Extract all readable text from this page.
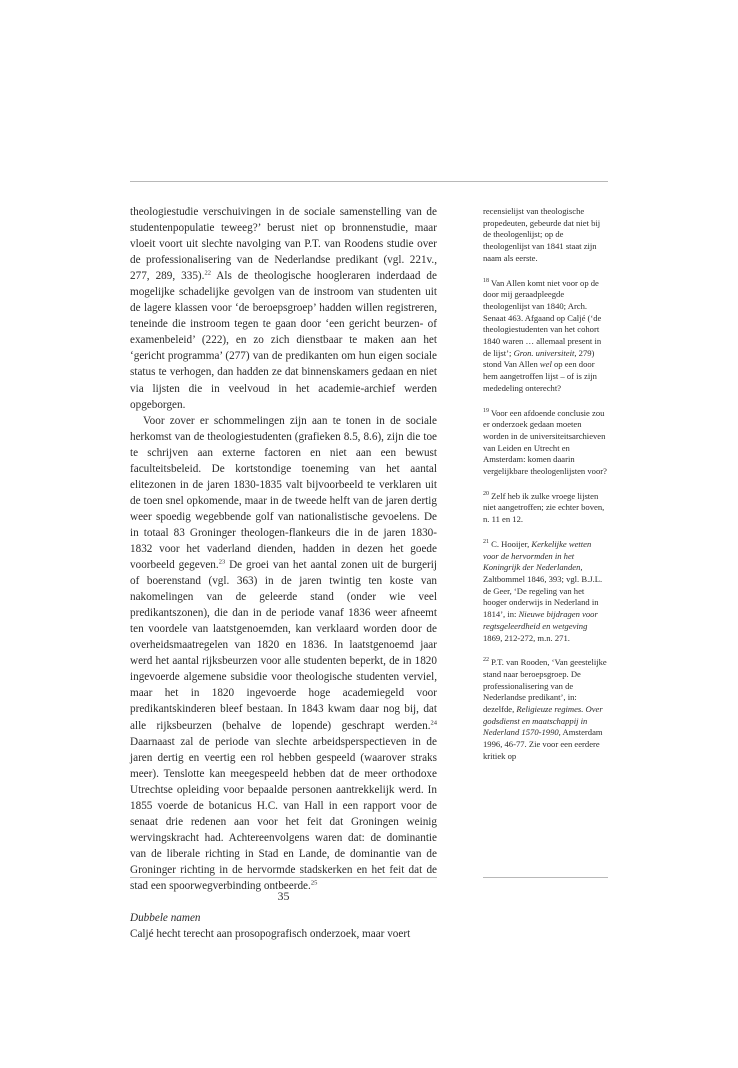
theologiestudie verschuivingen in de sociale samenstelling van de studentenpopulatie teweeg?’ berust niet op bronnenstudie, maar vloeit voort uit slechte navolging van P.T. van Roodens studie over de professionalisering van de Nederlandse predikant (vgl. 221v., 277, 289, 335).$^{22}$ Als de theologische hoogleraren inderdaad de mogelijke schadelijke gevolgen van de instroom van studenten uit de lagere klassen voor ‘de beroepsgroep’ hadden willen registreren, teneinde die instroom tegen te gaan door ‘een gericht beurzen- of examenbeleid’ (222), en zo zich dienstbaar te maken aan het ‘gericht programma’ (277) van de predikanten om hun eigen sociale status te verhogen, dan hadden ze dat binnenskamers gedaan en niet via lijsten die in veelvoud in het academie-archief werden opgeborgen.

Voor zover er schommelingen zijn aan te tonen in de sociale herkomst van de theologiestudenten (grafieken 8.5, 8.6), zijn die toe te schrijven aan externe factoren en niet aan een bewust faculteitsbeleid. De kortstondige toeneming van het aantal elitezonen in de jaren 1830-1835 valt bijvoorbeeld te verklaren uit de toen snel opkomende, maar in de tweede helft van de jaren dertig weer spoedig wegebbende golf van nationalistische gevoelens. De in totaal 83 Groninger theologen-flankeurs die in de jaren 1830-1832 voor het vaderland dienden, hadden in dezen het goede voorbeeld gegeven.$^{23}$ De groei van het aantal zonen uit de burgerij of boerenstand (vgl. 363) in de jaren twintig ten koste van nakomelingen van de geleerde stand (onder wie veel predikantszonen), die dan in de periode vanaf 1836 weer afneemt ten voordele van laatstgenoemden, kan verklaard worden door de overheidsmaatregelen van 1820 en 1836. In laatstgenoemd jaar werd het aantal rijksbeurzen voor alle studenten beperkt, de in 1820 ingevoerde algemene subsidie voor theologische studenten verviel, maar het in 1820 ingevoerde hoge academiegeld voor predikantskinderen bleef bestaan. In 1843 kwam daar nog bij, dat alle rijksbeurzen (behalve de lopende) geschrapt werden.$^{24}$ Daarnaast zal de periode van slechte arbeidsperspectieven in de jaren dertig en veertig een rol hebben gespeeld (waarover straks meer). Tenslotte kan meegespeeld hebben dat de meer orthodoxe Utrechtse opleiding voor bepaalde personen aantrekkelijk werd. In 1855 voerde de botanicus H.C. van Hall in een rapport voor de senaat drie redenen aan voor het feit dat Groningen weinig wervingskracht had. Achtereenvolgens waren dat: de dominantie van de liberale richting in Stad en Lande, de dominantie van de Groninger richting in de hervormde stadskerken en het feit dat de stad een spoorwegverbinding ontbeerde.$^{25}$

Dubbele namen

Caljé hecht terecht aan prosopografisch onderzoek, maar voert

recensielijst van theologische propedeuten, gebeurde dat niet bij de theologenlijst; op de theologenlijst van 1841 staat zijn naam als eerste.

$^{18}$ Van Allen komt niet voor op de door mij geraadpleegde theologenlijst van 1840; Arch. Senaat 463. Afgaand op Caljé (‘de theologiestudenten van het cohort 1840 waren … allemaal present in de lijst’; Gron. universiteit, 279) stond Van Allen wel op een door hem aangetroffen lijst – of is zijn mededeling onterecht?

$^{19}$ Voor een afdoende conclusie zou er onderzoek gedaan moeten worden in de universiteitsarchieven van Leiden en Utrecht en Amsterdam: komen daarin vergelijkbare theologenlijsten voor?

$^{20}$ Zelf heb ik zulke vroege lijsten niet aangetroffen; zie echter boven, n. 11 en 12.

$^{21}$ C. Hooijer, Kerkelijke wetten voor de hervormden in het Koningrijk der Nederlanden, Zaltbommel 1846, 393; vgl. B.J.L. de Geer, ‘De regeling van het hooger onderwijs in Nederland in 1814’, in: Nieuwe bijdragen voor regtsgeleerdheid en wetgeving 1869, 212-272, m.n. 271.

$^{22}$ P.T. van Rooden, ‘Van geestelijke stand naar beroepsgroep. De professionalisering van de Nederlandse predikant’, in: dezelfde, Religieuze regimes. Over godsdienst en maatschappij in Nederland 1570-1990, Amsterdam 1996, 46-77. Zie voor een eerdere kritiek op

35
